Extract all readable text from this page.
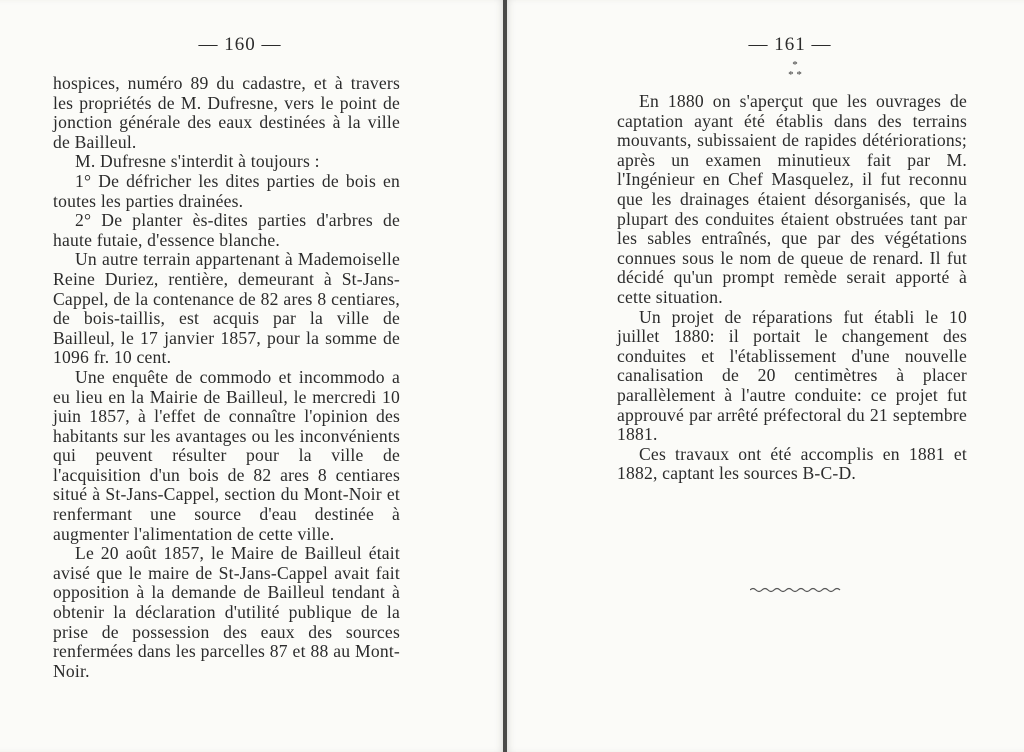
— 160 —

hospices, numéro 89 du cadastre, et à travers les propriétés de M. Dufresne, vers le point de jonction générale des eaux destinées à la ville de Bailleul.

M. Dufresne s'interdit à toujours :

1° De défricher les dites parties de bois en toutes les parties drainées.

2° De planter ès-dites parties d'arbres de haute futaie, d'essence blanche.

Un autre terrain appartenant à Mademoiselle Reine Duriez, rentière, demeurant à St-Jans-Cappel, de la contenance de 82 ares 8 centiares, de bois-taillis, est acquis par la ville de Bailleul, le 17 janvier 1857, pour la somme de 1096 fr. 10 cent.

Une enquête de commodo et incommodo a eu lieu en la Mairie de Bailleul, le mercredi 10 juin 1857, à l'effet de connaître l'opinion des habitants sur les avantages ou les inconvénients qui peuvent résulter pour la ville de l'acquisition d'un bois de 82 ares 8 centiares situé à St-Jans-Cappel, section du Mont-Noir et renfermant une source d'eau destinée à augmenter l'alimentation de cette ville.

Le 20 août 1857, le Maire de Bailleul était avisé que le maire de St-Jans-Cappel avait fait opposition à la demande de Bailleul tendant à obtenir la déclaration d'utilité publique de la prise de possession des eaux des sources renfermées dans les parcelles 87 et 88 au Mont-Noir.

— 161 —
*
* *

En 1880 on s'aperçut que les ouvrages de captation ayant été établis dans des terrains mouvants, subissaient de rapides détériorations; après un examen minutieux fait par M. l'Ingénieur en Chef Masquelez, il fut reconnu que les drainages étaient désorganisés, que la plupart des conduites étaient obstruées tant par les sables entraînés, que par des végétations connues sous le nom de queue de renard. Il fut décidé qu'un prompt remède serait apporté à cette situation.

Un projet de réparations fut établi le 10 juillet 1880: il portait le changement des conduites et l'établissement d'une nouvelle canalisation de 20 centimètres à placer parallèlement à l'autre conduite: ce projet fut approuvé par arrêté préfectoral du 21 septembre 1881.

Ces travaux ont été accomplis en 1881 et 1882, captant les sources B-C-D.
